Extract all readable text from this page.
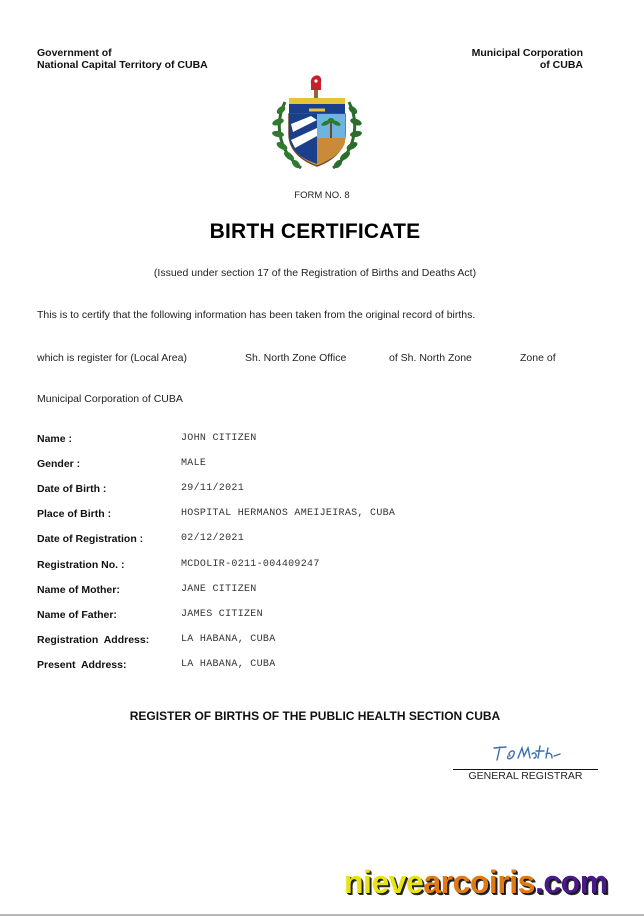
Government of
National Capital Territory of CUBA
Municipal Corporation
of CUBA
FORM NO. 8
BIRTH CERTIFICATE
(Issued under section 17 of the Registration of Births and Deaths Act)
This is to certify that the following information has been taken from the original record of births.
which is register for (Local Area)	Sh. North Zone Office	of Sh. North Zone	Zone of
Municipal Corporation of CUBA
Name :	JOHN CITIZEN
Gender :	MALE
Date of Birth :	29/11/2021
Place of Birth :	HOSPITAL HERMANOS AMEIJEIRAS, CUBA
Date of Registration :	02/12/2021
Registration No. :	MCDOLIR-0211-004409247
Name of Mother:	JANE CITIZEN
Name of Father:	JAMES CITIZEN
Registration  Address:	LA HABANA, CUBA
Present  Address:	LA HABANA, CUBA
REGISTER OF BIRTHS OF THE PUBLIC HEALTH SECTION CUBA
GENERAL REGISTRAR
nievearcoiris.com
